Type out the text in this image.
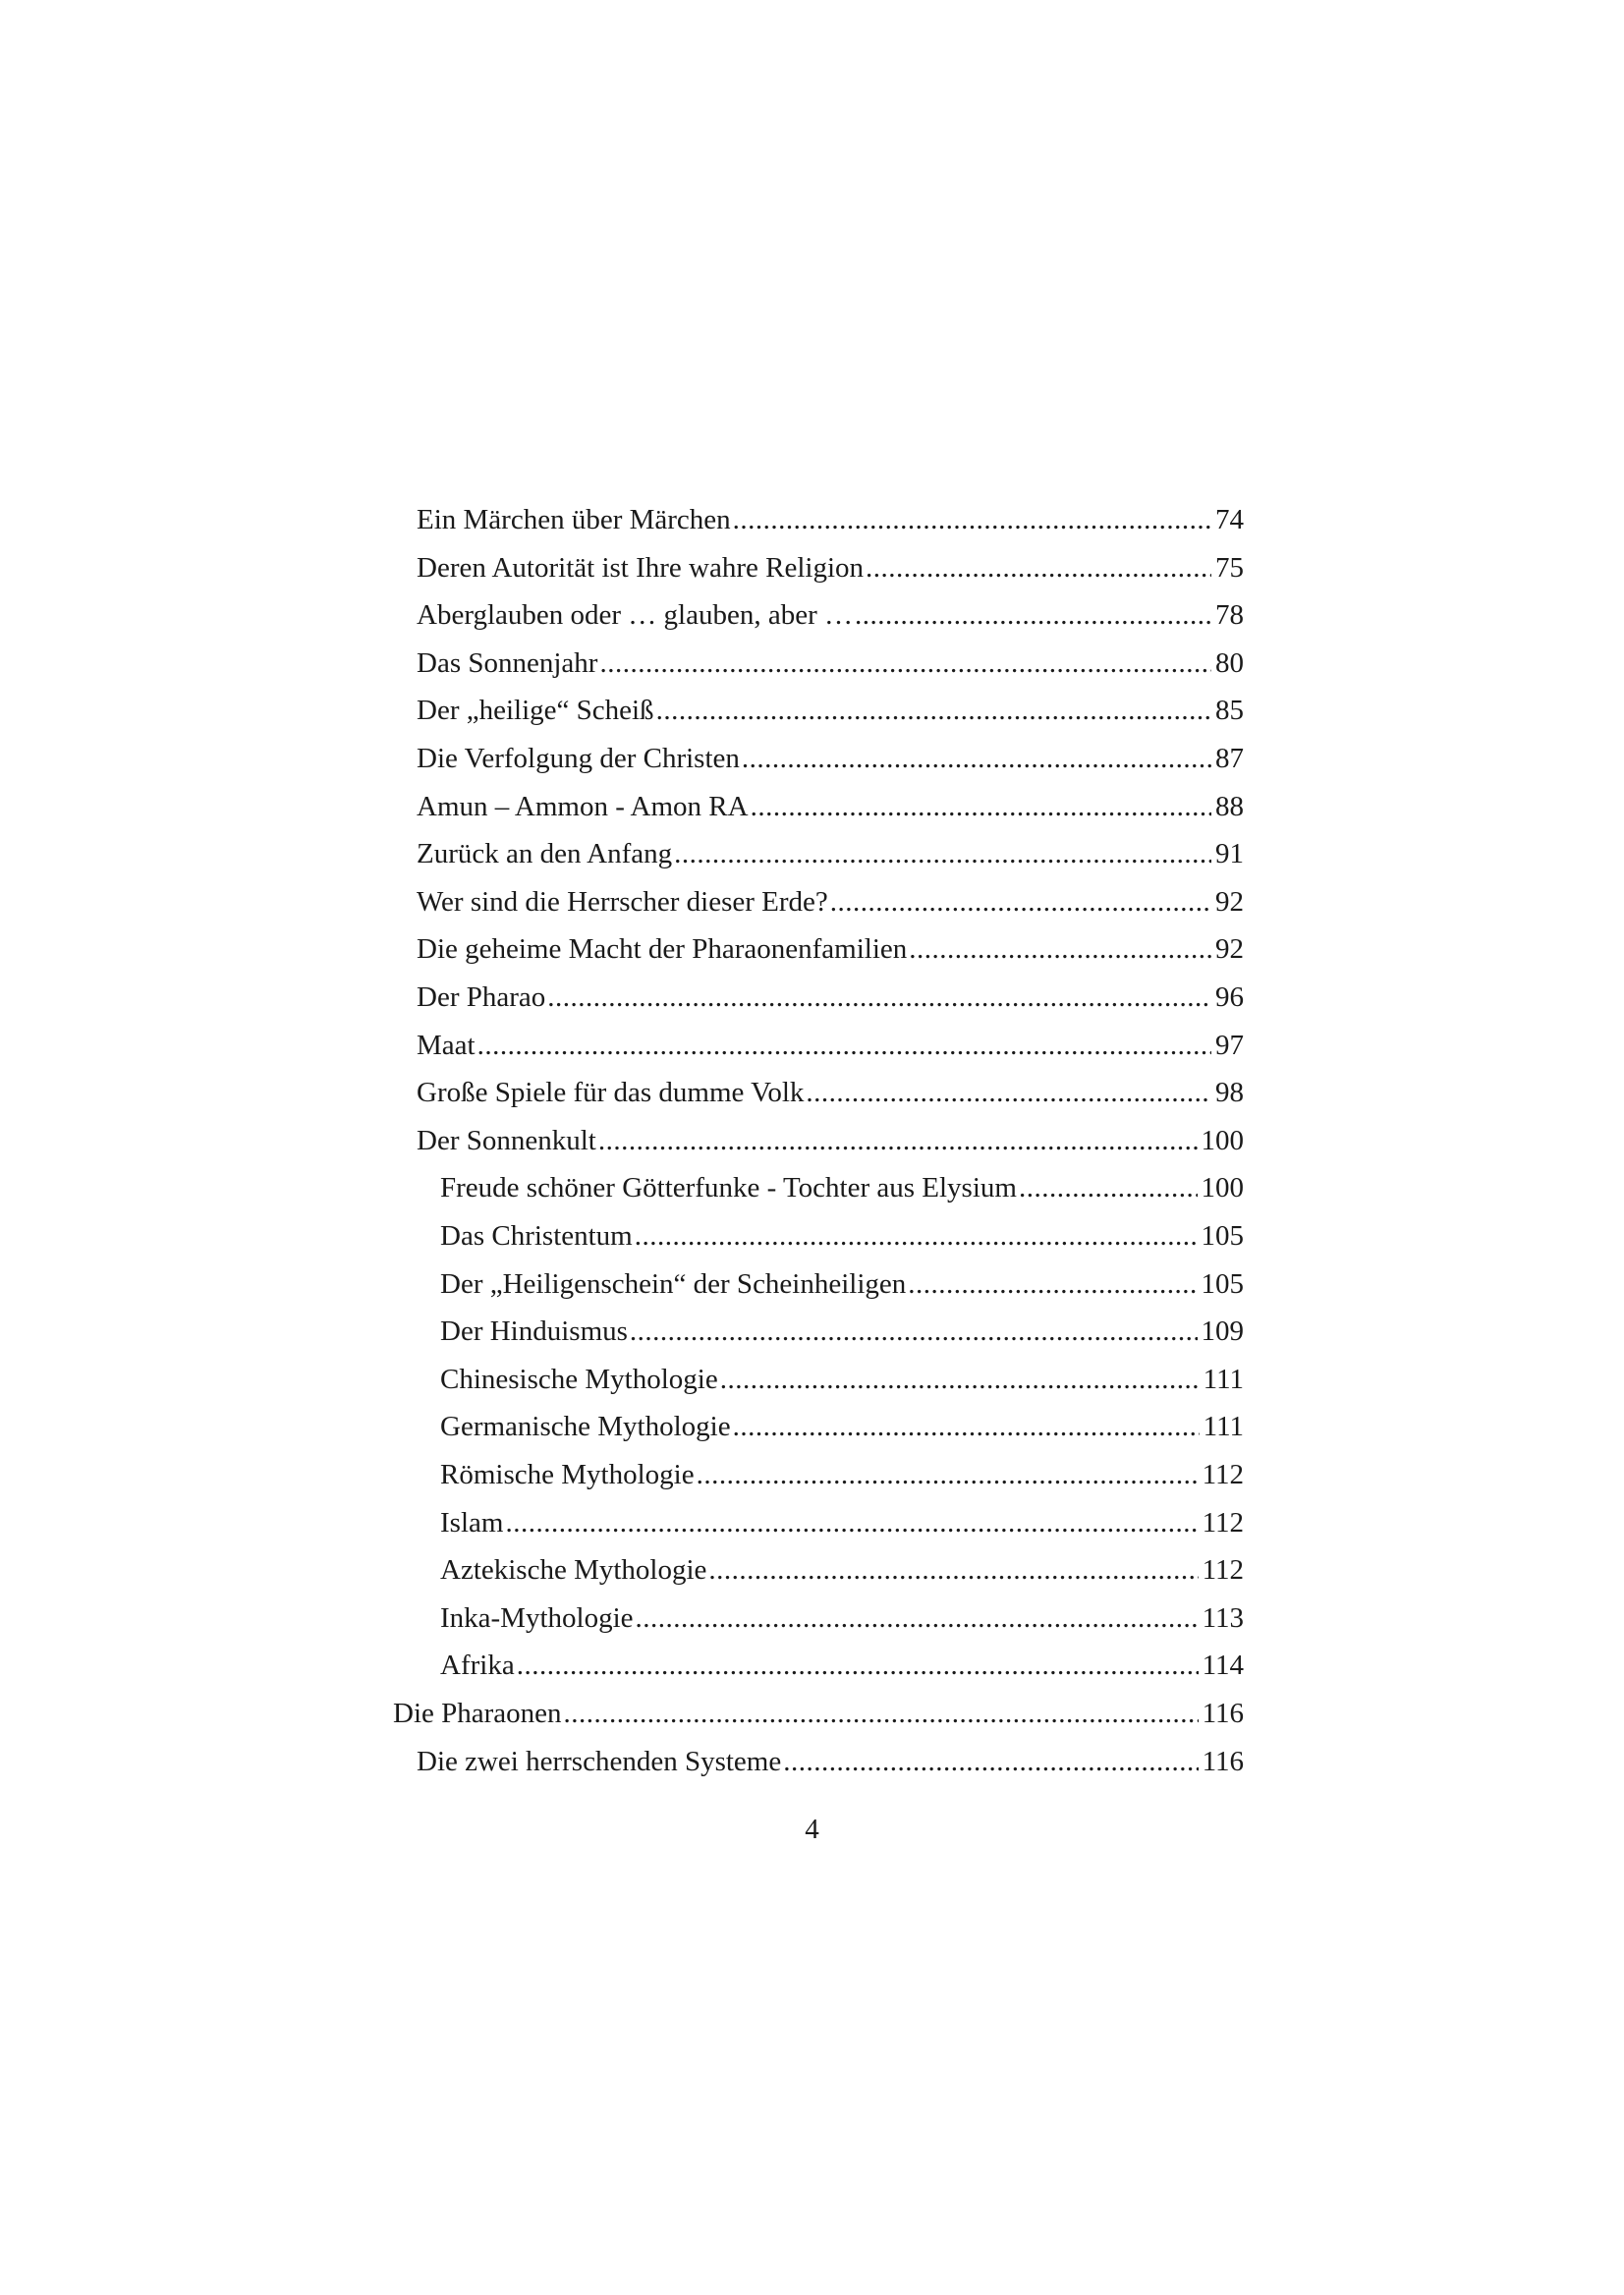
Ein Märchen über Märchen .....	74
Deren Autorität ist Ihre wahre Religion .....	75
Aberglauben oder … glauben, aber … .....	78
Das Sonnenjahr .....	80
Der „heilige“ Scheiß .....	85
Die Verfolgung der Christen .....	87
Amun – Ammon - Amon RA .....	88
Zurück an den Anfang .....	91
Wer sind die Herrscher dieser Erde? .....	92
Die geheime Macht der Pharaonenfamilien .....	92
Der Pharao .....	96
Maat .....	97
Große Spiele für das dumme Volk .....	98
Der Sonnenkult .....	100
Freude schöner Götterfunke - Tochter aus Elysium .....	100
Das Christentum .....	105
Der „Heiligenschein“ der Scheinheiligen .....	105
Der Hinduismus .....	109
Chinesische Mythologie .....	111
Germanische Mythologie .....	111
Römische Mythologie .....	112
Islam .....	112
Aztekische Mythologie .....	112
Inka-Mythologie .....	113
Afrika .....	114
Die Pharaonen .....	116
Die zwei herrschenden Systeme .....	116
4
